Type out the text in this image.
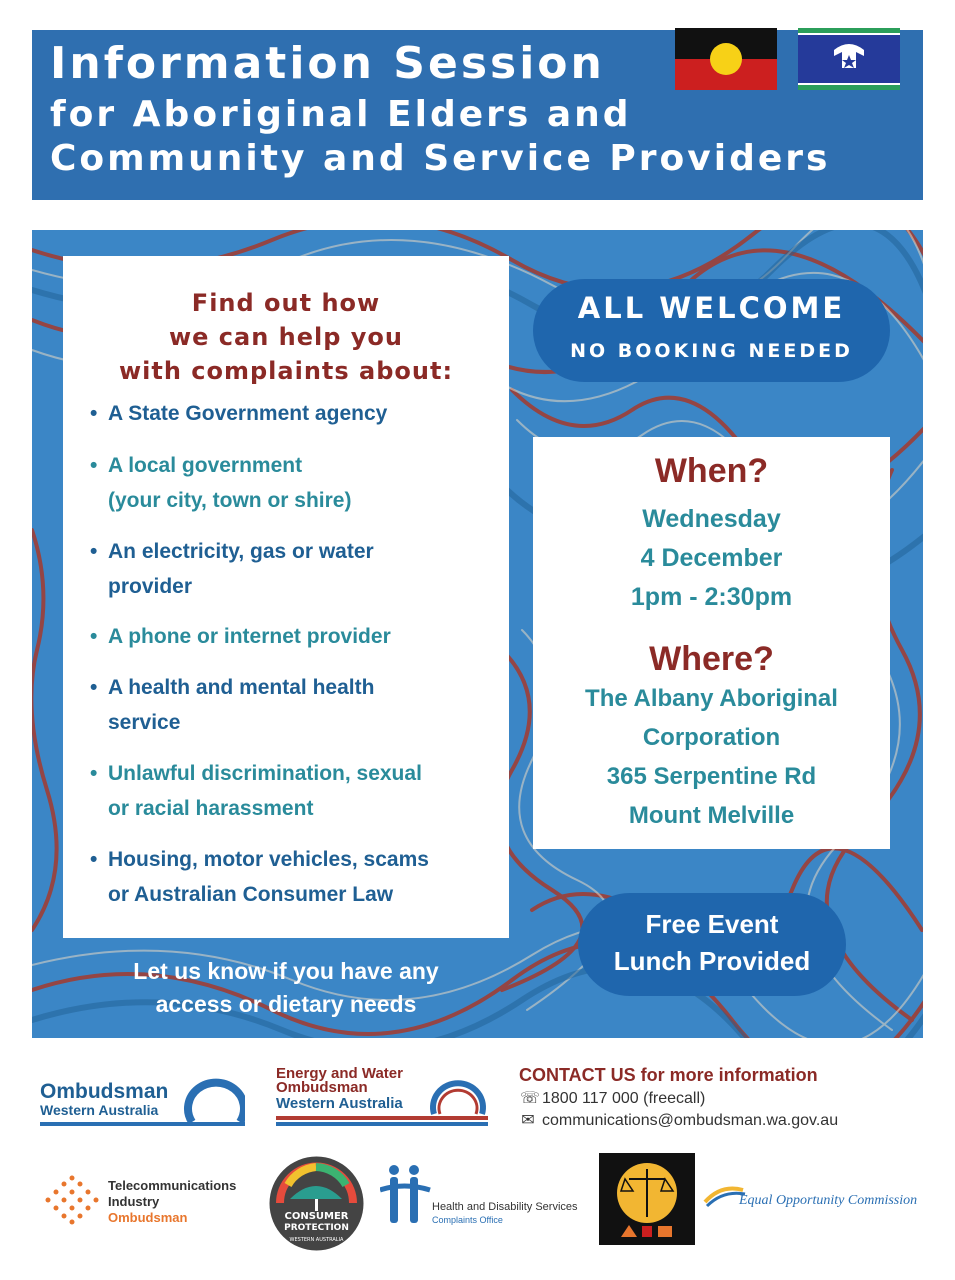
Information Session
for Aboriginal Elders and
Community and Service Providers
Find out how
we can help you
with complaints about:
• A State Government agency
• A local government
(your city, town or shire)
• An electricity, gas or water
provider
• A phone or internet provider
• A health and mental health
service
• Unlawful discrimination, sexual
or racial harassment
• Housing, motor vehicles, scams
or Australian Consumer Law
Let us know if you have any
access or dietary needs
ALL WELCOME
NO BOOKING NEEDED
When?
Wednesday
4 December
1pm - 2:30pm
Where?
The Albany Aboriginal
Corporation
365 Serpentine Rd
Mount Melville
Free Event
Lunch Provided
Ombudsman
Western Australia
Energy and Water
Ombudsman
Western Australia
CONTACT US for more information
☏ 1800 117 000 (freecall)
✉ communications@ombudsman.wa.gov.au
Telecommunications
Industry
Ombudsman	CONSUMER
PROTECTION
WESTERN AUSTRALIA
Health and Disability Services
Complaints Office
Equal Opportunity Commission
